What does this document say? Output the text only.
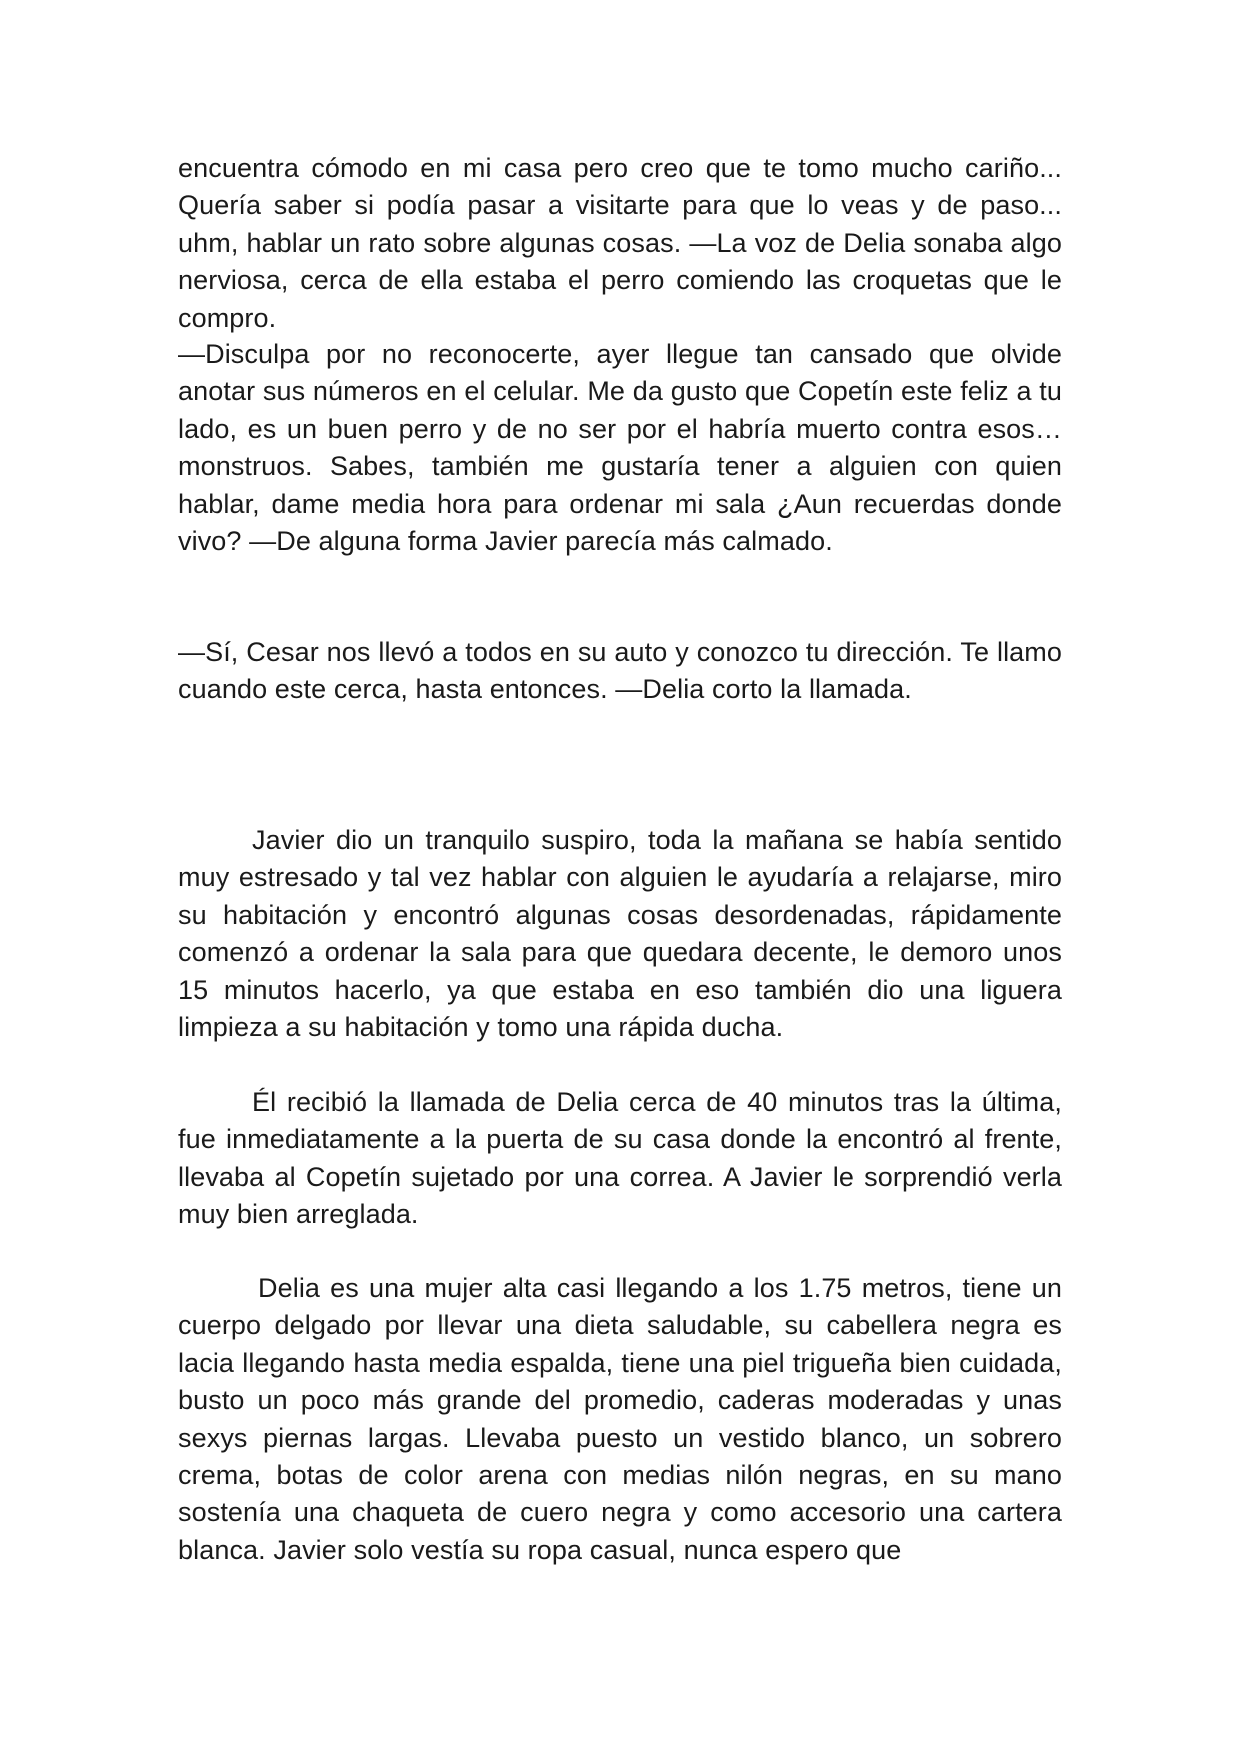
encuentra cómodo en mi casa pero creo que te tomo mucho cariño... Quería saber si podía pasar a visitarte para que lo veas y de paso... uhm, hablar un rato sobre algunas cosas. —La voz de Delia sonaba algo nerviosa, cerca de ella estaba el perro comiendo las croquetas que le compro.

—Disculpa por no reconocerte, ayer llegue tan cansado que olvide anotar sus números en el celular. Me da gusto que Copetín este feliz a tu lado, es un buen perro y de no ser por el habría muerto contra esos… monstruos. Sabes, también me gustaría tener a alguien con quien hablar, dame media hora para ordenar mi sala ¿Aun recuerdas donde vivo? —De alguna forma Javier parecía más calmado.

—Sí, Cesar nos llevó a todos en su auto y conozco tu dirección. Te llamo cuando este cerca, hasta entonces. —Delia corto la llamada.

Javier dio un tranquilo suspiro, toda la mañana se había sentido muy estresado y tal vez hablar con alguien le ayudaría a relajarse, miro su habitación y encontró algunas cosas desordenadas, rápidamente comenzó a ordenar la sala para que quedara decente, le demoro unos 15 minutos hacerlo, ya que estaba en eso también dio una liguera limpieza a su habitación y tomo una rápida ducha.

Él recibió la llamada de Delia cerca de 40 minutos tras la última, fue inmediatamente a la puerta de su casa donde la encontró al frente, llevaba al Copetín sujetado por una correa. A Javier le sorprendió verla muy bien arreglada.

Delia es una mujer alta casi llegando a los 1.75 metros, tiene un cuerpo delgado por llevar una dieta saludable, su cabellera negra es lacia llegando hasta media espalda, tiene una piel trigueña bien cuidada, busto un poco más grande del promedio, caderas moderadas y unas sexys piernas largas. Llevaba puesto un vestido blanco, un sobrero crema, botas de color arena con medias nilón negras, en su mano sostenía una chaqueta de cuero negra y como accesorio una cartera blanca. Javier solo vestía su ropa casual, nunca espero que
